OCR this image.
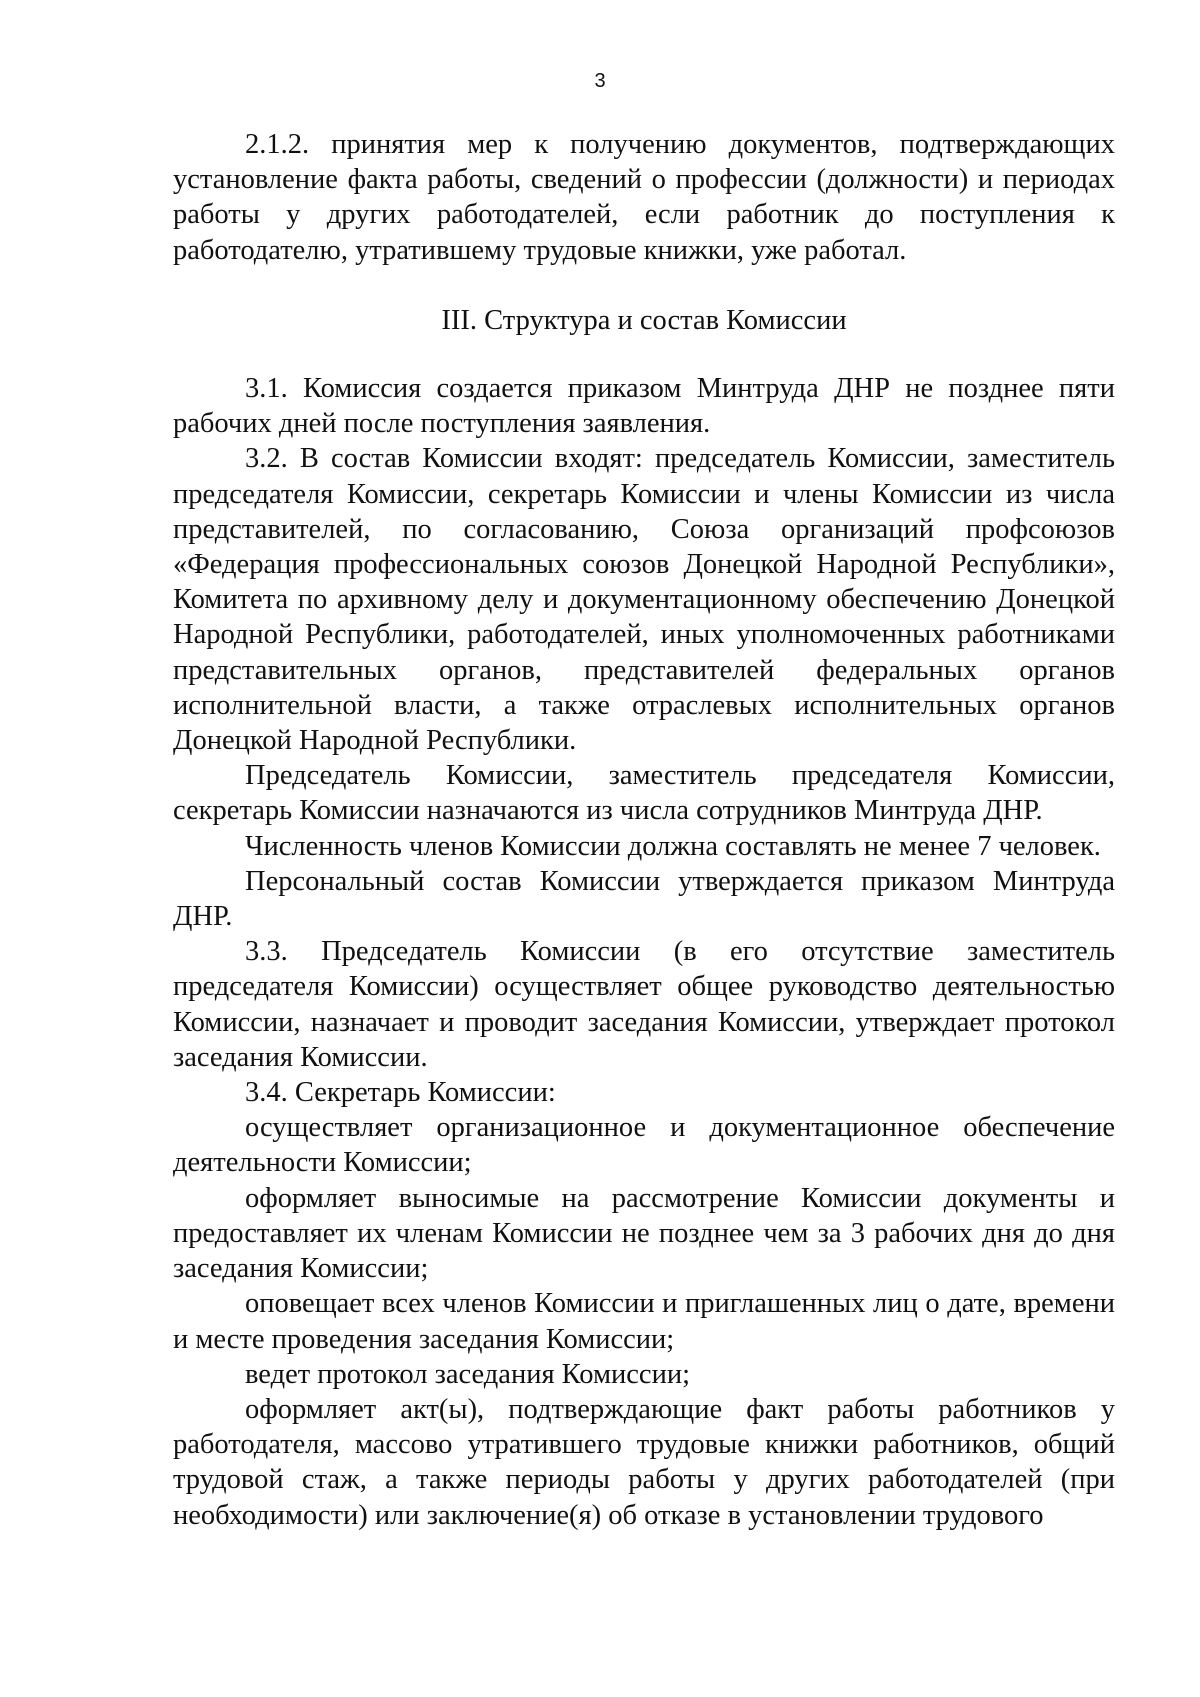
3

2.1.2. принятия мер к получению документов, подтверждающих установление факта работы, сведений о профессии (должности) и периодах работы у других работодателей, если работник до поступления к работодателю, утратившему трудовые книжки, уже работал.

III. Структура и состав Комиссии

3.1. Комиссия создается приказом Минтруда ДНР не позднее пяти рабочих дней после поступления заявления.

3.2. В состав Комиссии входят: председатель Комиссии, заместитель председателя Комиссии, секретарь Комиссии и члены Комиссии из числа представителей, по согласованию, Союза организаций профсоюзов «Федерация профессиональных союзов Донецкой Народной Республики», Комитета по архивному делу и документационному обеспечению Донецкой Народной Республики, работодателей, иных уполномоченных работниками представительных органов, представителей федеральных органов исполнительной власти, а также отраслевых исполнительных органов Донецкой Народной Республики.

Председатель Комиссии, заместитель председателя Комиссии, секретарь Комиссии назначаются из числа сотрудников Минтруда ДНР.

Численность членов Комиссии должна составлять не менее 7 человек.

Персональный состав Комиссии утверждается приказом Минтруда ДНР.

3.3. Председатель Комиссии (в его отсутствие заместитель председателя Комиссии) осуществляет общее руководство деятельностью Комиссии, назначает и проводит заседания Комиссии, утверждает протокол заседания Комиссии.

3.4. Секретарь Комиссии:

осуществляет организационное и документационное обеспечение деятельности Комиссии;

оформляет выносимые на рассмотрение Комиссии документы и предоставляет их членам Комиссии не позднее чем за 3 рабочих дня до дня заседания Комиссии;

оповещает всех членов Комиссии и приглашенных лиц о дате, времени и месте проведения заседания Комиссии;

ведет протокол заседания Комиссии;

оформляет акт(ы), подтверждающие факт работы работников у работодателя, массово утратившего трудовые книжки работников, общий трудовой стаж, а также периоды работы у других работодателей (при необходимости) или заключение(я) об отказе в установлении трудового
